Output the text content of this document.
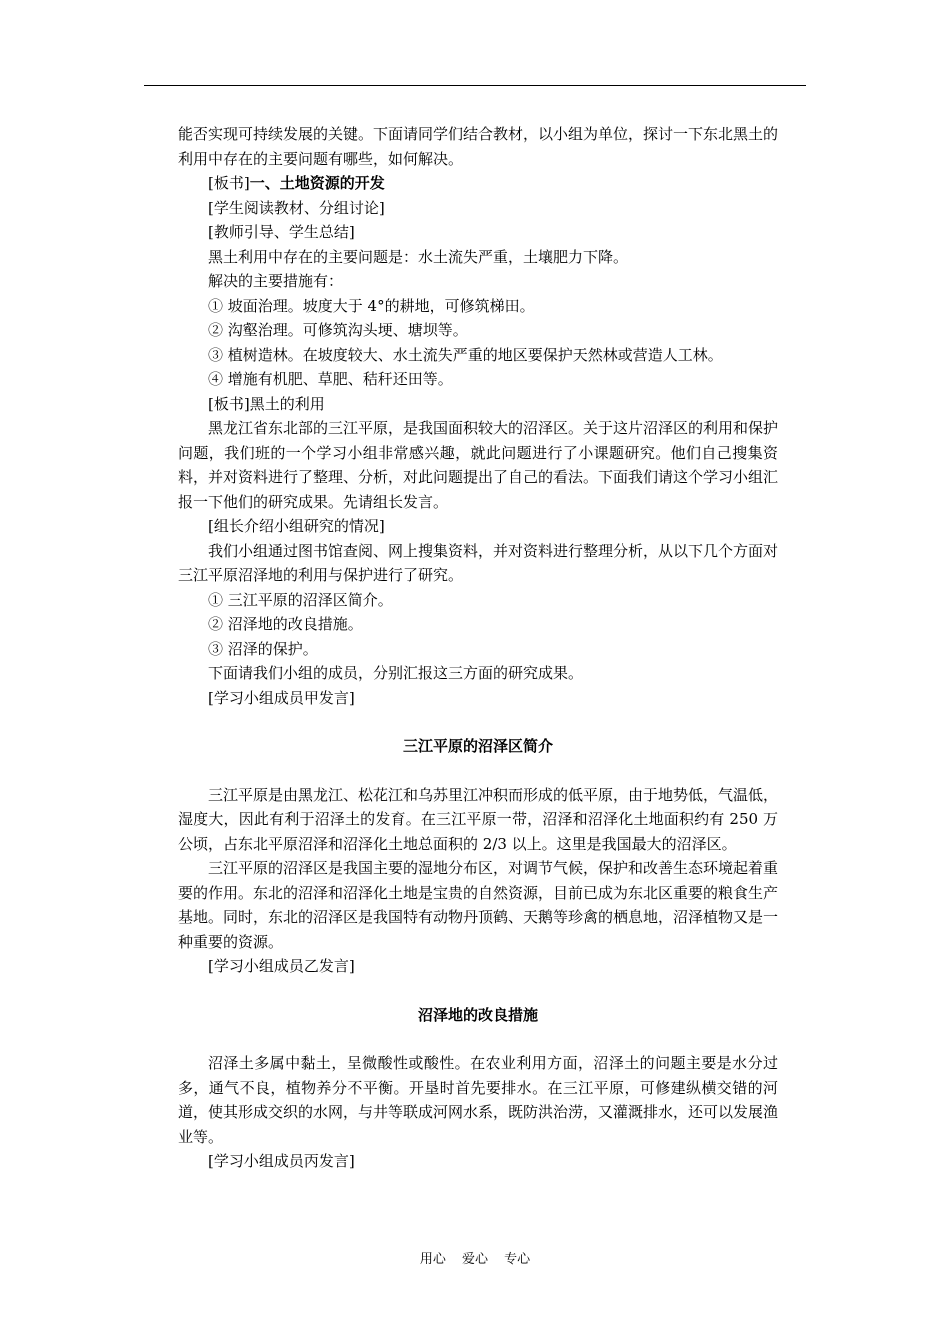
能否实现可持续发展的关键。下面请同学们结合教材，以小组为单位，探讨一下东北黑土的利用中存在的主要问题有哪些，如何解决。

[板书]一、土地资源的开发

[学生阅读教材、分组讨论]

[教师引导、学生总结]

黑土利用中存在的主要问题是：水土流失严重，土壤肥力下降。

解决的主要措施有：

① 坡面治理。坡度大于 4°的耕地，可修筑梯田。

② 沟壑治理。可修筑沟头埂、塘坝等。

③ 植树造林。在坡度较大、水土流失严重的地区要保护天然林或营造人工林。

④ 增施有机肥、草肥、秸秆还田等。

[板书]黑土的利用

黑龙江省东北部的三江平原，是我国面积较大的沼泽区。关于这片沼泽区的利用和保护问题，我们班的一个学习小组非常感兴趣，就此问题进行了小课题研究。他们自己搜集资料，并对资料进行了整理、分析，对此问题提出了自己的看法。下面我们请这个学习小组汇报一下他们的研究成果。先请组长发言。

[组长介绍小组研究的情况]

我们小组通过图书馆查阅、网上搜集资料，并对资料进行整理分析，从以下几个方面对三江平原沼泽地的利用与保护进行了研究。

① 三江平原的沼泽区简介。

② 沼泽地的改良措施。

③ 沼泽的保护。

下面请我们小组的成员，分别汇报这三方面的研究成果。

[学习小组成员甲发言]

三江平原的沼泽区简介

三江平原是由黑龙江、松花江和乌苏里江冲积而形成的低平原，由于地势低，气温低，湿度大，因此有利于沼泽土的发育。在三江平原一带，沼泽和沼泽化土地面积约有 250 万公顷，占东北平原沼泽和沼泽化土地总面积的 2/3 以上。这里是我国最大的沼泽区。

三江平原的沼泽区是我国主要的湿地分布区，对调节气候，保护和改善生态环境起着重要的作用。东北的沼泽和沼泽化土地是宝贵的自然资源，目前已成为东北区重要的粮食生产基地。同时，东北的沼泽区是我国特有动物丹顶鹤、天鹅等珍禽的栖息地，沼泽植物又是一种重要的资源。

[学习小组成员乙发言]

沼泽地的改良措施

沼泽土多属中黏土，呈微酸性或酸性。在农业利用方面，沼泽土的问题主要是水分过多，通气不良，植物养分不平衡。开垦时首先要排水。在三江平原，可修建纵横交错的河道，使其形成交织的水网，与井等联成河网水系，既防洪治涝，又灌溉排水，还可以发展渔业等。

[学习小组成员丙发言]

用心 爱心 专心
